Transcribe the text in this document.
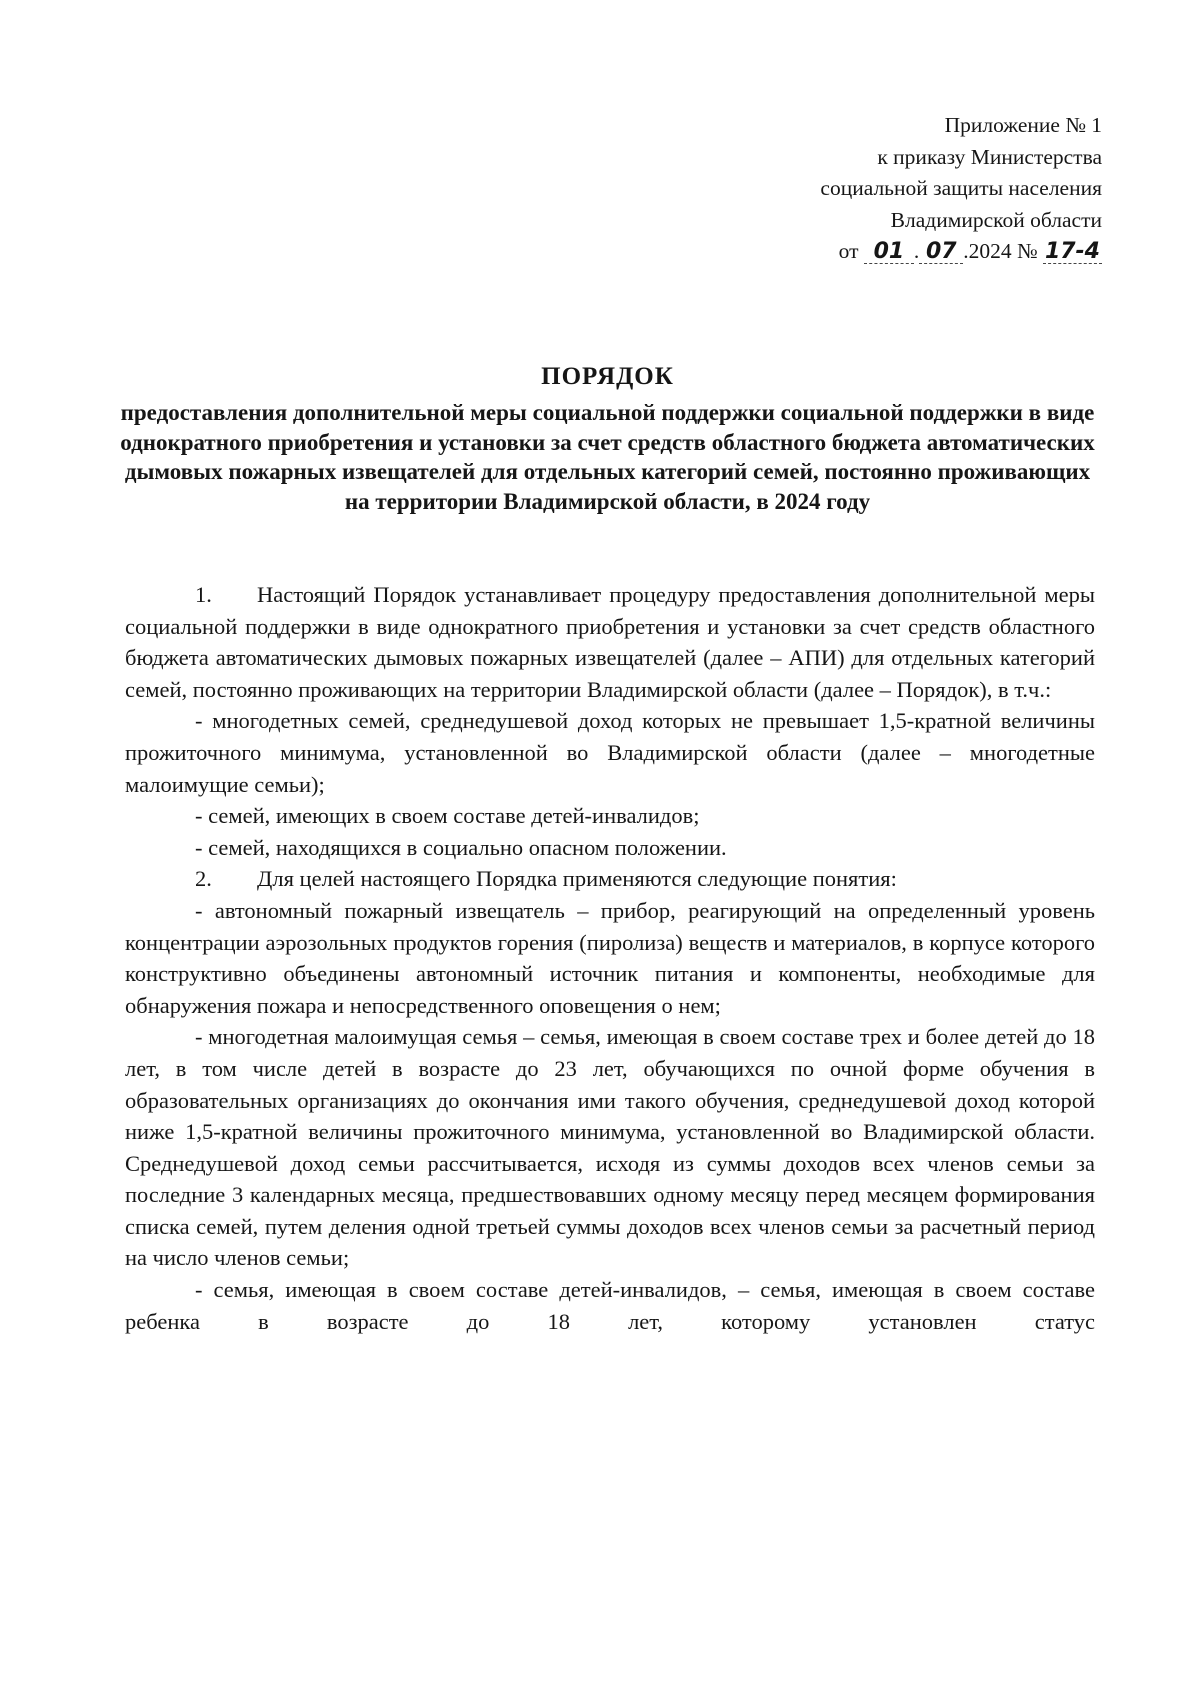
Приложение № 1
к приказу Министерства
социальной защиты населения
Владимирской области
от 01 . 07 .2024 № 17-4
ПОРЯДОК
предоставления дополнительной меры социальной поддержки социальной поддержки в виде однократного приобретения и установки за счет средств областного бюджета автоматических дымовых пожарных извещателей для отдельных категорий семей, постоянно проживающих на территории Владимирской области, в 2024 году

1. Настоящий Порядок устанавливает процедуру предоставления дополнительной меры социальной поддержки в виде однократного приобретения и установки за счет средств областного бюджета автоматических дымовых пожарных извещателей (далее – АПИ) для отдельных категорий семей, постоянно проживающих на территории Владимирской области (далее – Порядок), в т.ч.:

- многодетных семей, среднедушевой доход которых не превышает 1,5-кратной величины прожиточного минимума, установленной во Владимирской области (далее – многодетные малоимущие семьи);

- семей, имеющих в своем составе детей-инвалидов;

- семей, находящихся в социально опасном положении.

2. Для целей настоящего Порядка применяются следующие понятия:

- автономный пожарный извещатель – прибор, реагирующий на определенный уровень концентрации аэрозольных продуктов горения (пиролиза) веществ и материалов, в корпусе которого конструктивно объединены автономный источник питания и компоненты, необходимые для обнаружения пожара и непосредственного оповещения о нем;

- многодетная малоимущая семья – семья, имеющая в своем составе трех и более детей до 18 лет, в том числе детей в возрасте до 23 лет, обучающихся по очной форме обучения в образовательных организациях до окончания ими такого обучения, среднедушевой доход которой ниже 1,5-кратной величины прожиточного минимума, установленной во Владимирской области. Среднедушевой доход семьи рассчитывается, исходя из суммы доходов всех членов семьи за последние 3 календарных месяца, предшествовавших одному месяцу перед месяцем формирования списка семей, путем деления одной третьей суммы доходов всех членов семьи за расчетный период на число членов семьи;

- семья, имеющая в своем составе детей-инвалидов, – семья, имеющая в своем составе ребенка в возрасте до 18 лет, которому установлен статус
